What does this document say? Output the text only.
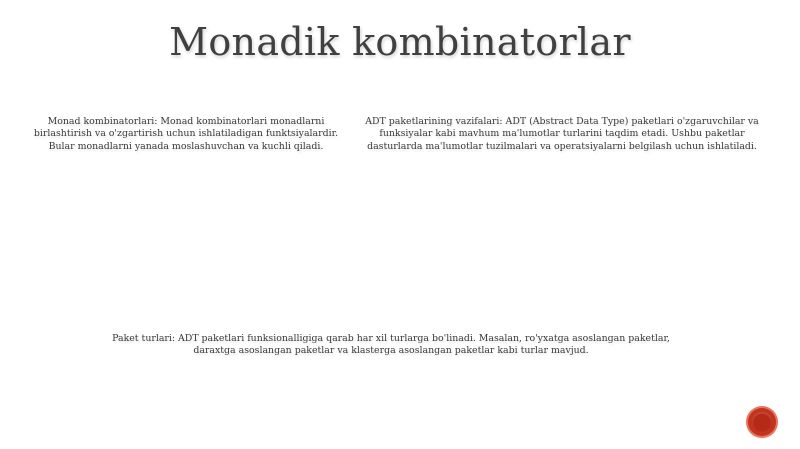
Monadik kombinatorlar

Monad kombinatorlari: Monad kombinatorlari monadlarni birlashtirish va o'zgartirish uchun ishlatiladigan funktsiyalardir. Bular monadlarni yanada moslashuvchan va kuchli qiladi.

ADT paketlarining vazifalari: ADT (Abstract Data Type) paketlari o'zgaruvchilar va funksiyalar kabi mavhum ma'lumotlar turlarini taqdim etadi. Ushbu paketlar dasturlarda ma'lumotlar tuzilmalari va operatsiyalarni belgilash uchun ishlatiladi.

Paket turlari: ADT paketlari funksionalligiga qarab har xil turlarga bo'linadi. Masalan, ro'yxatga asoslangan paketlar, daraxtga asoslangan paketlar va klasterga asoslangan paketlar kabi turlar mavjud.
